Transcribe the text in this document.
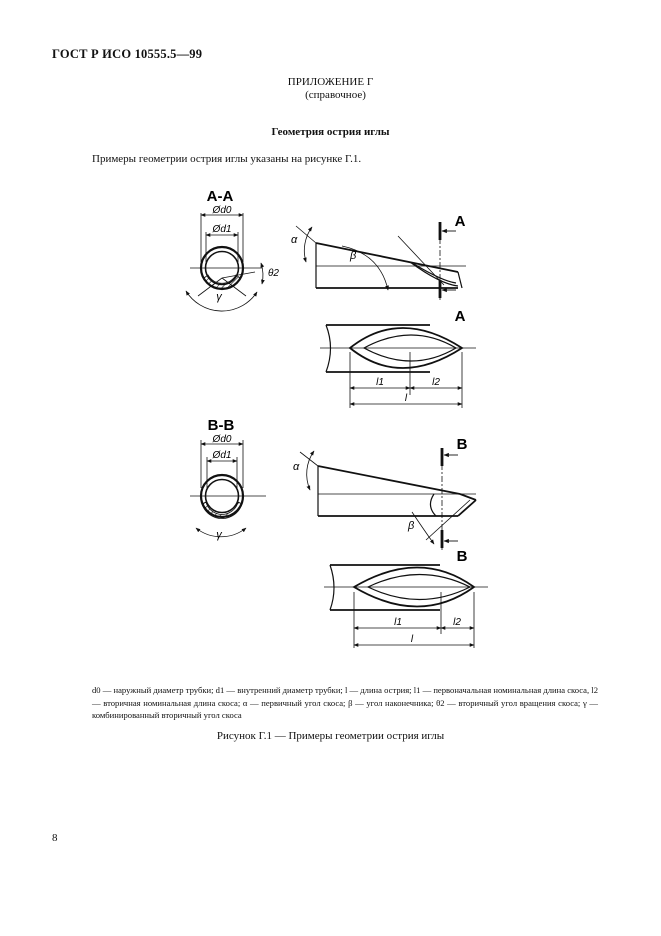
ГОСТ Р ИСО 10555.5—99
ПРИЛОЖЕНИЕ Г

(справочное)
Геометрия острия иглы
Примеры геометрии острия иглы указаны на рисунке Г.1.
А-А
Ød0
Ød1
γ
θ2
α
β
А
А
l1	l2
l
В-В
Ød0
Ød1
γ
α
β
В
В
l1	l2
l
d0 — наружный диаметр трубки; d1 — внутренний диаметр трубки; l — длина острия; l1 — первоначальная номинальная длина скоса, l2 — вторичная номинальная длина скоса; α — первичный угол скоса; β — угол наконечника; θ2 — вторичный угол вращения скоса; γ — комбинированный вторичный угол скоса
Рисунок Г.1 — Примеры геометрии острия иглы
8
